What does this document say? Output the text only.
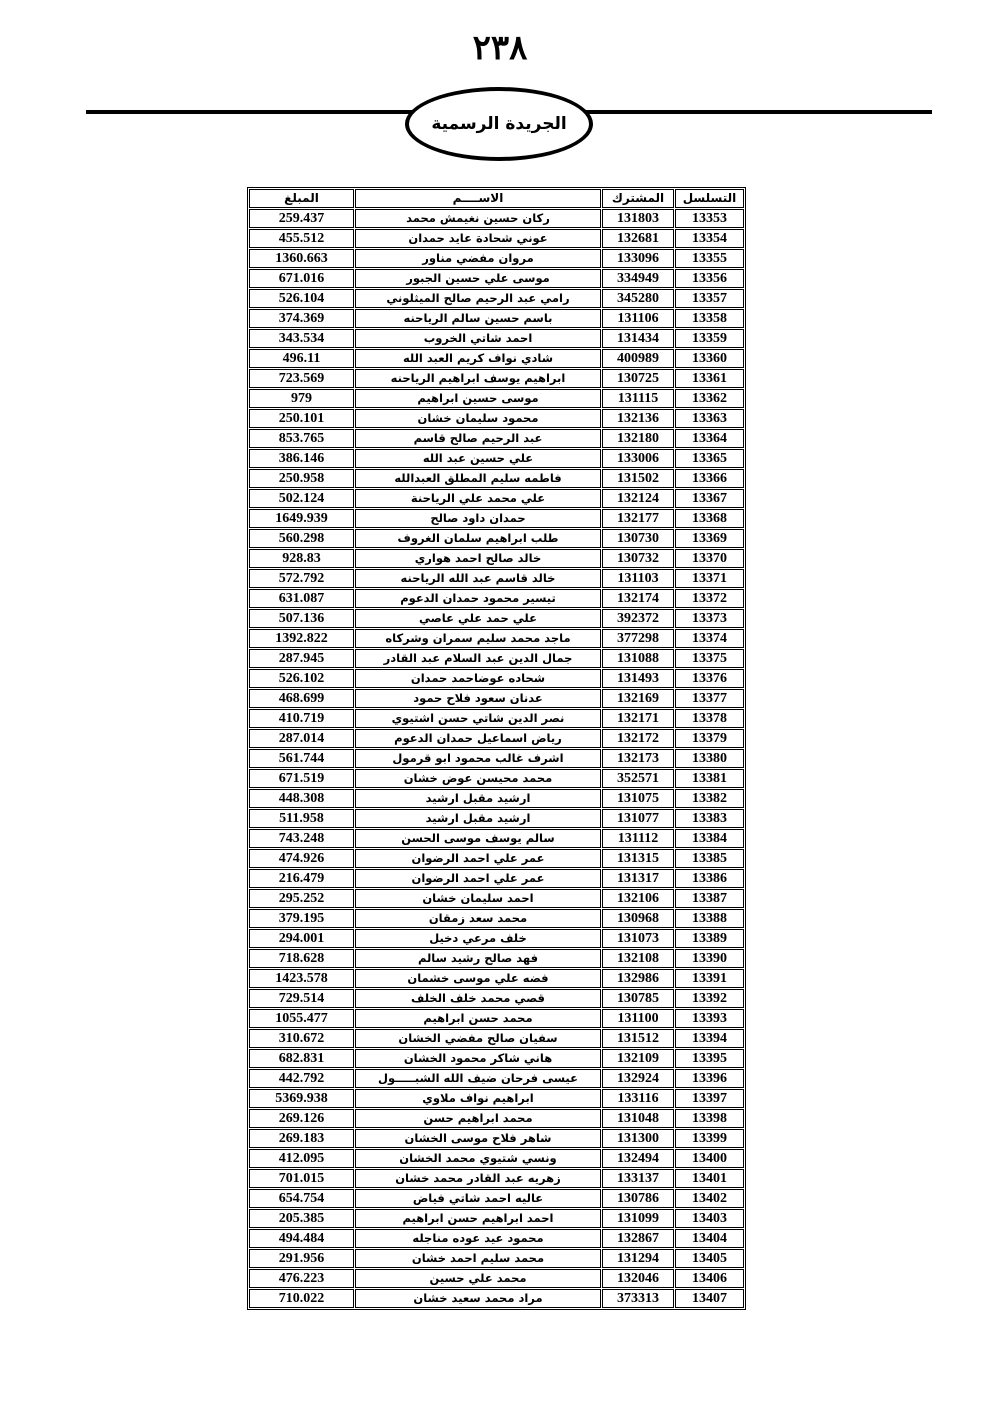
٢٣٨
الجريدة الرسمية
التسلسل	المشترك	الاســــم	المبلغ
13353	131803	ركان حسين نغيمش محمد	259.437
13354	132681	عوني شحادة عايد حمدان	455.512
13355	133096	مروان مفضي مناور	1360.663
13356	334949	موسى علي حسين الجبور	671.016
13357	345280	رامي عبد الرحيم صالح الميثلوني	526.104
13358	131106	باسم حسين سالم الرياحنه	374.369
13359	131434	احمد شاتي الخروب	343.534
13360	400989	شادي نواف كريم العبد الله	496.11
13361	130725	ابراهيم يوسف ابراهيم الرياحنه	723.569
13362	131115	موسى حسين ابراهيم	979
13363	132136	محمود سليمان خشان	250.101
13364	132180	عبد الرحيم صالح قاسم	853.765
13365	133006	علي حسين عبد الله	386.146
13366	131502	فاطمه سليم المطلق العبدالله	250.958
13367	132124	علي محمد علي الرياحنة	502.124
13368	132177	حمدان داود صالح	1649.939
13369	130730	طلب ابراهيم سلمان الغروف	560.298
13370	130732	خالد صالح احمد هواري	928.83
13371	131103	خالد قاسم عبد الله الرياحنه	572.792
13372	132174	تيسير محمود حمدان الدعوم	631.087
13373	392372	علي حمد علي عاصي	507.136
13374	377298	ماجد محمد سليم سمران وشركاه	1392.822
13375	131088	جمال الدين عبد السلام عبد القادر	287.945
13376	131493	شحاده عوضاحمد حمدان	526.102
13377	132169	عدنان سعود فلاح حمود	468.699
13378	132171	نصر الدين شاتي حسن اشتيوي	410.719
13379	132172	رياض اسماعيل حمدان الدعوم	287.014
13380	132173	اشرف غالب محمود ابو قرمول	561.744
13381	352571	محمد محيسن عوض خشان	671.519
13382	131075	ارشيد مقبل ارشيد	448.308
13383	131077	ارشيد مقبل ارشيد	511.958
13384	131112	سالم يوسف موسى الحسن	743.248
13385	131315	عمر علي احمد الرضوان	474.926
13386	131317	عمر علي احمد الرضوان	216.479
13387	132106	احمد سليمان خشان	295.252
13388	130968	محمد سعد زمقان	379.195
13389	131073	خلف مرعي دخيل	294.001
13390	132108	فهد صالح رشيد سالم	718.628
13391	132986	فضه علي موسى خشمان	1423.578
13392	130785	قصي محمد خلف الخلف	729.514
13393	131100	محمد حسن ابراهيم	1055.477
13394	131512	سفيان صالح مفضي الخشان	310.672
13395	132109	هاني شاكر محمود الخشان	682.831
13396	132924	عيسى فرحان ضيف الله الشبـــــول	442.792
13397	133116	ابراهيم نواف ملاوي	5369.938
13398	131048	محمد ابراهيم حسن	269.126
13399	131300	شاهر فلاح موسى الخشان	269.183
13400	132494	ونسي شتيوي محمد الخشان	412.095
13401	133137	زهريه عبد القادر محمد خشان	701.015
13402	130786	عاليه احمد شاتي فياض	654.754
13403	131099	احمد ابراهيم حسن ابراهيم	205.385
13404	132867	محمود عيد عوده مناجله	494.484
13405	131294	محمد سليم احمد خشان	291.956
13406	132046	محمد علي حسين	476.223
13407	373313	مراد محمد سعيد خشان	710.022
